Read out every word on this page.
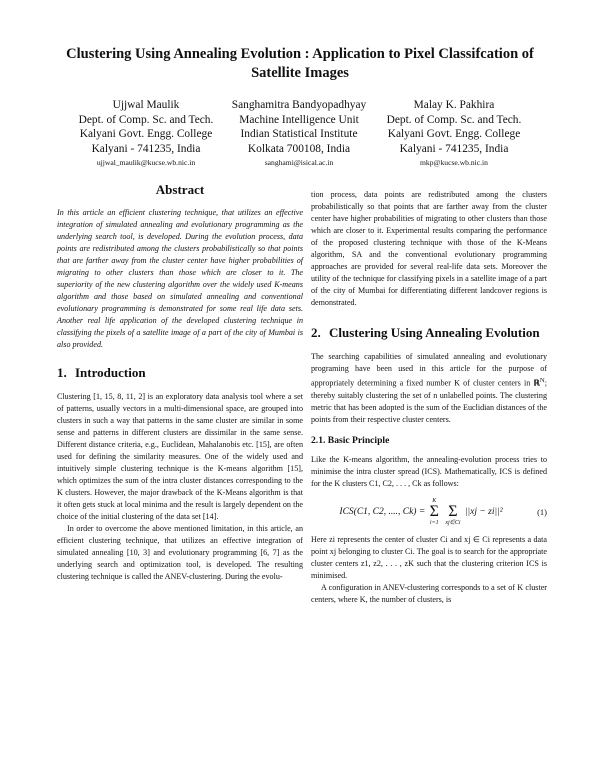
Clustering Using Annealing Evolution : Application to Pixel Classifcation of Satellite Images
Ujjwal Maulik
Dept. of Comp. Sc. and Tech.
Kalyani Govt. Engg. College
Kalyani - 741235, India
ujjwal_maulik@kucse.wb.nic.in
Sanghamitra Bandyopadhyay
Machine Intelligence Unit
Indian Statistical Institute
Kolkata 700108, India
sanghami@isical.ac.in
Malay K. Pakhira
Dept. of Comp. Sc. and Tech.
Kalyani Govt. Engg. College
Kalyani - 741235, India
mkp@kucse.wb.nic.in
Abstract

In this article an efficient clustering technique, that utilizes an effective integration of simulated annealing and evolutionary programming as the underlying search tool, is developed. During the evolution process, data points are redistributed among the clusters probabilistically so that points that are farther away from the cluster center have higher probabilities of migrating to other clusters than those which are closer to it. The superiority of the new clustering algorithm over the widely used K-means algorithm and those based on simulated annealing and conventional evolutionary programming is demonstrated for some real life data sets. Another real life application of the developed clustering technique in classifying the pixels of a satellite image of a part of the city of Mumbai is also provided.

1. Introduction

Clustering [1, 15, 8, 11, 2] is an exploratory data analysis tool where a set of patterns, usually vectors in a multi-dimensional space, are grouped into clusters in such a way that patterns in the same cluster are similar in some sense and patterns in different clusters are dissimilar in the same sense. Different distance criteria, e.g., Euclidean, Mahalanobis etc. [15], are often used for defining the similarity measures. One of the widely used and intuitively simple clustering technique is the K-means algorithm [15], which optimizes the sum of the intra cluster distances corresponding to the K clusters. However, the major drawback of the K-Means algorithm is that it often gets stuck at local minima and the result is largely dependent on the choice of the initial clustering of the data set [14].

In order to overcome the above mentioned limitation, in this article, an efficient clustering technique, that utilizes an effective integration of simulated annealing [10, 3] and evolutionary programming [6, 7] as the underlying search and optimization tool, is developed. The resulting clustering technique is called the ANEV-clustering. During the evolu-

tion process, data points are redistributed among the clusters probabilistically so that points that are farther away from the cluster center have higher probabilities of migrating to other clusters than those which are closer to it. Experimental results comparing the performance of the proposed clustering technique with those of the K-Means algorithm, SA and the conventional evolutionary programming approaches are provided for several real-life data sets. Moreover the utility of the technique for classifying pixels in a satellite image of a part of the city of Mumbai for differentiating different landcover regions is demonstrated.

2. Clustering Using Annealing Evolution

The searching capabilities of simulated annealing and evolutionary programing have been used in this article for the purpose of appropriately determining a fixed number K of cluster centers in ℝ$^N$; thereby suitably clustering the set of n unlabelled points. The clustering metric that has been adopted is the sum of the Euclidian distances of the points from their respective cluster centers.

2.1. Basic Principle

Like the K-means algorithm, the annealing-evolution process tries to minimise the intra cluster spread (ICS). Mathematically, ICS is defined for the K clusters C1, C2, . . . , Ck as follows:

ICS(C1, C2, ...., Ck) =
K
Σ
i=1

Σ
xj∈Ci
||xj − zi||²	(1)

Here zi represents the center of cluster Ci and xj ∈ Ci represents a data point xj belonging to cluster Ci. The goal is to search for the appropriate cluster centers z1, z2, . . . , zK such that the clustering criterion ICS is minimised.

A configuration in ANEV-clustering corresponds to a set of K cluster centers, where K, the number of clusters, is
